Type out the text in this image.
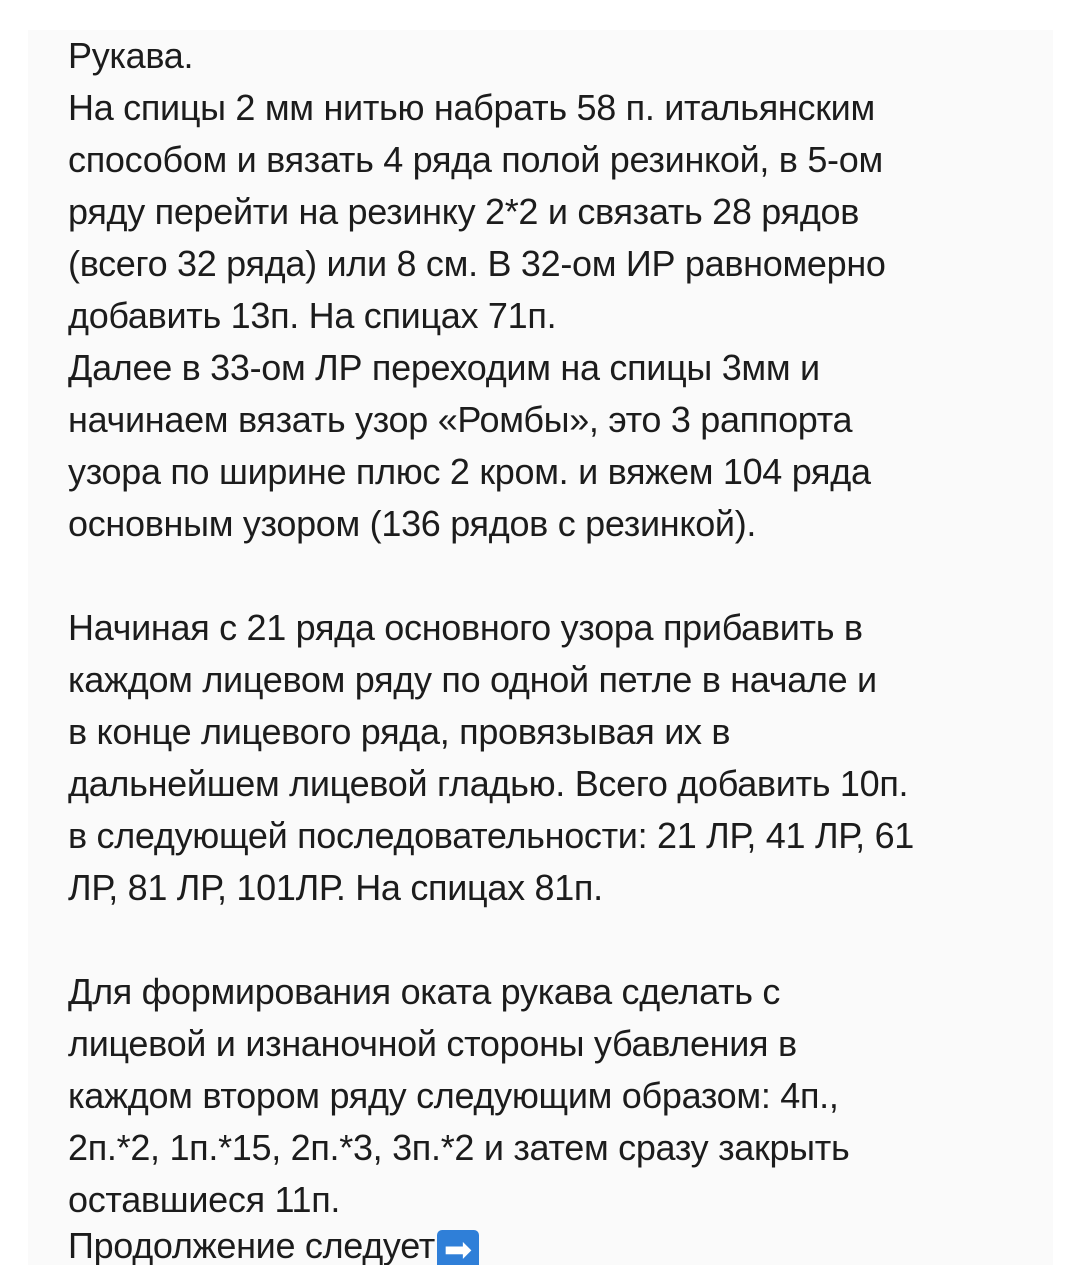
Рукава.
На спицы 2 мм нитью набрать 58 п. итальянским
способом и вязать 4 ряда полой резинкой, в 5-ом
ряду перейти на резинку 2*2 и связать 28 рядов
(всего 32 ряда) или 8 см. В 32-ом ИР равномерно
добавить 13п. На спицах 71п.
Далее в 33-ом ЛР переходим на спицы 3мм и
начинаем вязать узор «Ромбы», это 3 раппорта
узора по ширине плюс 2 кром. и вяжем 104 ряда
основным узором (136 рядов с резинкой).
Начиная с 21 ряда основного узора прибавить в
каждом лицевом ряду по одной петле в начале и
в конце лицевого ряда, провязывая их в
дальнейшем лицевой гладью. Всего добавить 10п.
в следующей последовательности: 21 ЛР, 41 ЛР, 61
ЛР, 81 ЛР, 101ЛР. На спицах 81п.
Для формирования оката рукава сделать с
лицевой и изнаночной стороны убавления в
каждом втором ряду следующим образом: 4п.,
2п.*2, 1п.*15, 2п.*3, 3п.*2 и затем сразу закрыть
оставшиеся 11п.
Продолжение следует ➡
